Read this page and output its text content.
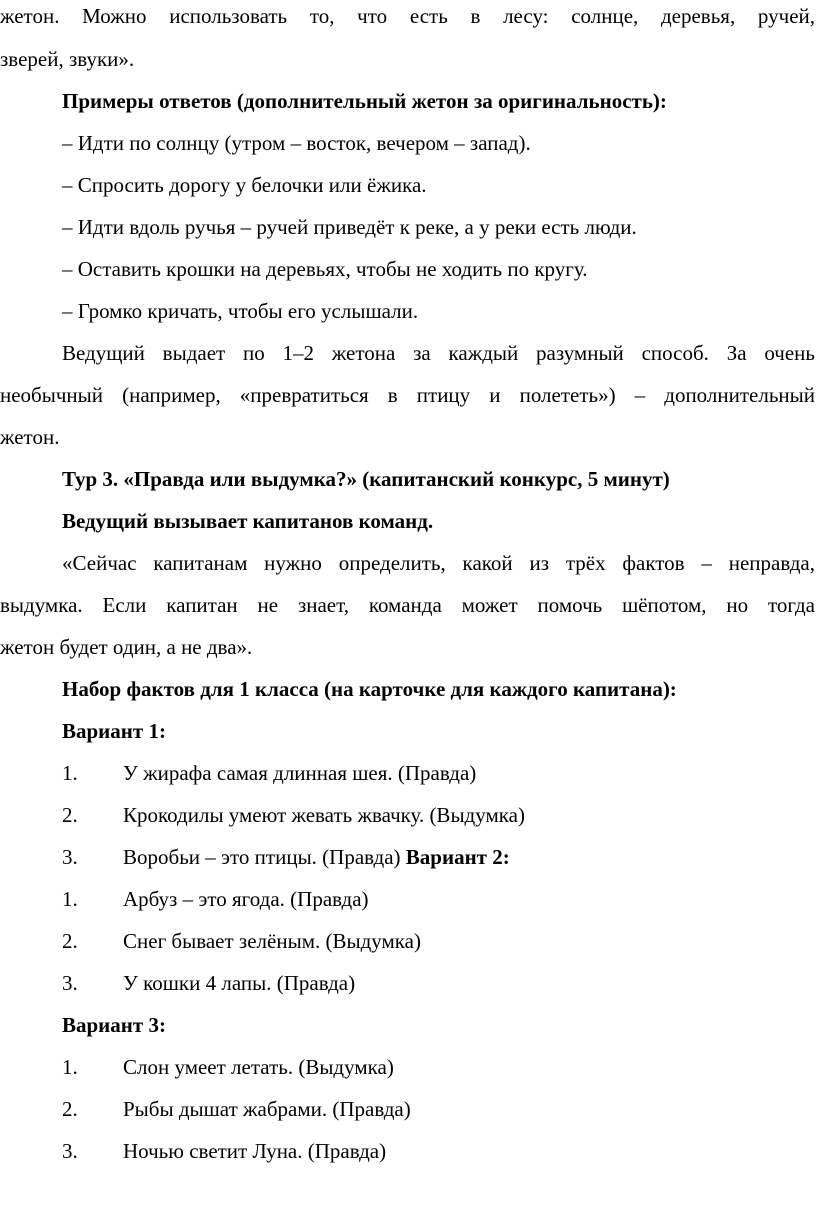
жетон. Можно использовать то, что есть в лесу: солнце, деревья, ручей,
зверей, звуки».
Примеры ответов (дополнительный жетон за оригинальность):
– Идти по солнцу (утром – восток, вечером – запад).
– Спросить дорогу у белочки или ёжика.
– Идти вдоль ручья – ручей приведёт к реке, а у реки есть люди.
– Оставить крошки на деревьях, чтобы не ходить по кругу.
– Громко кричать, чтобы его услышали.
Ведущий выдает по 1–2 жетона за каждый разумный способ. За очень
необычный (например, «превратиться в птицу и полететь») – дополнительный
жетон.
Тур 3. «Правда или выдумка?» (капитанский конкурс, 5 минут)
Ведущий вызывает капитанов команд.
«Сейчас капитанам нужно определить, какой из трёх фактов – неправда,
выдумка. Если капитан не знает, команда может помочь шёпотом, но тогда
жетон будет один, а не два».
Набор фактов для 1 класса (на карточке для каждого капитана):
Вариант 1:
1. У жирафа самая длинная шея. (Правда)
2. Крокодилы умеют жевать жвачку. (Выдумка)
3. Воробьи – это птицы. (Правда) Вариант 2:
1. Арбуз – это ягода. (Правда)
2. Снег бывает зелёным. (Выдумка)
3. У кошки 4 лапы. (Правда)
Вариант 3:
1. Слон умеет летать. (Выдумка)
2. Рыбы дышат жабрами. (Правда)
3. Ночью светит Луна. (Правда)
